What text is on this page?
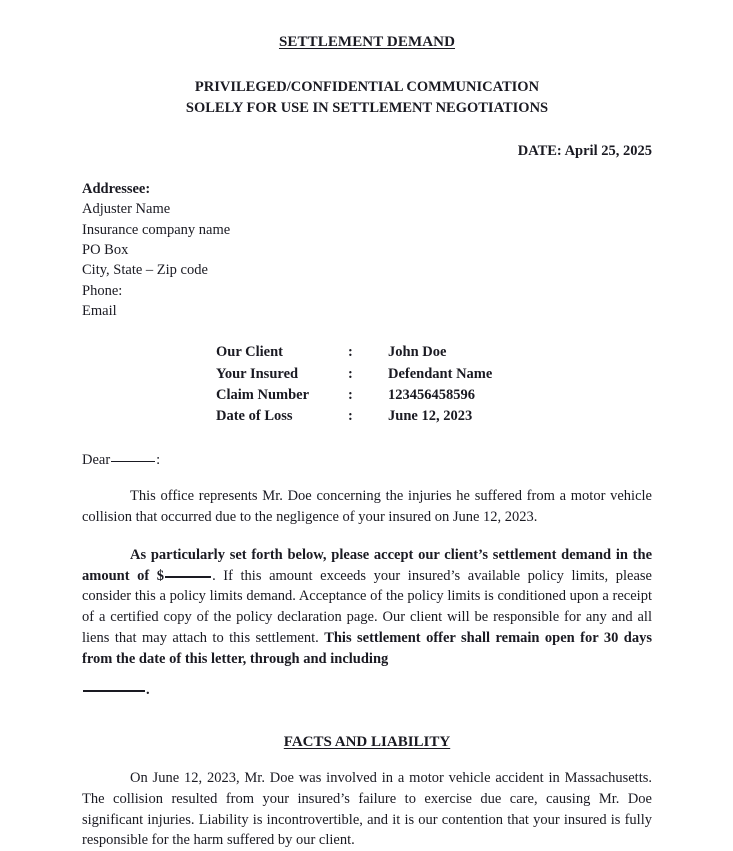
SETTLEMENT DEMAND
PRIVILEGED/CONFIDENTIAL COMMUNICATION
SOLELY FOR USE IN SETTLEMENT NEGOTIATIONS
DATE: April 25, 2025
Addressee:
Adjuster Name
Insurance company name
PO Box
City, State – Zip code
Phone:
Email
Our Client	:	John Doe
Your Insured	:	Defendant Name
Claim Number	:	123456458596
Date of Loss	:	June 12, 2023
Dear	:
This office represents Mr. Doe concerning the injuries he suffered from a motor vehicle collision that occurred due to the negligence of your insured on June 12, 2023.
As particularly set forth below, please accept our client’s settlement demand in the amount of $	. If this amount exceeds your insured’s available policy limits, please consider this a policy limits demand. Acceptance of the policy limits is conditioned upon a receipt of a certified copy of the policy declaration page. Our client will be responsible for any and all liens that may attach to this settlement. This settlement offer shall remain open for 30 days from the date of this letter, through and including
.
FACTS AND LIABILITY
On June 12, 2023, Mr. Doe was involved in a motor vehicle accident in Massachusetts. The collision resulted from your insured’s failure to exercise due care, causing Mr. Doe significant injuries. Liability is incontrovertible, and it is our contention that your insured is fully responsible for the harm suffered by our client.
